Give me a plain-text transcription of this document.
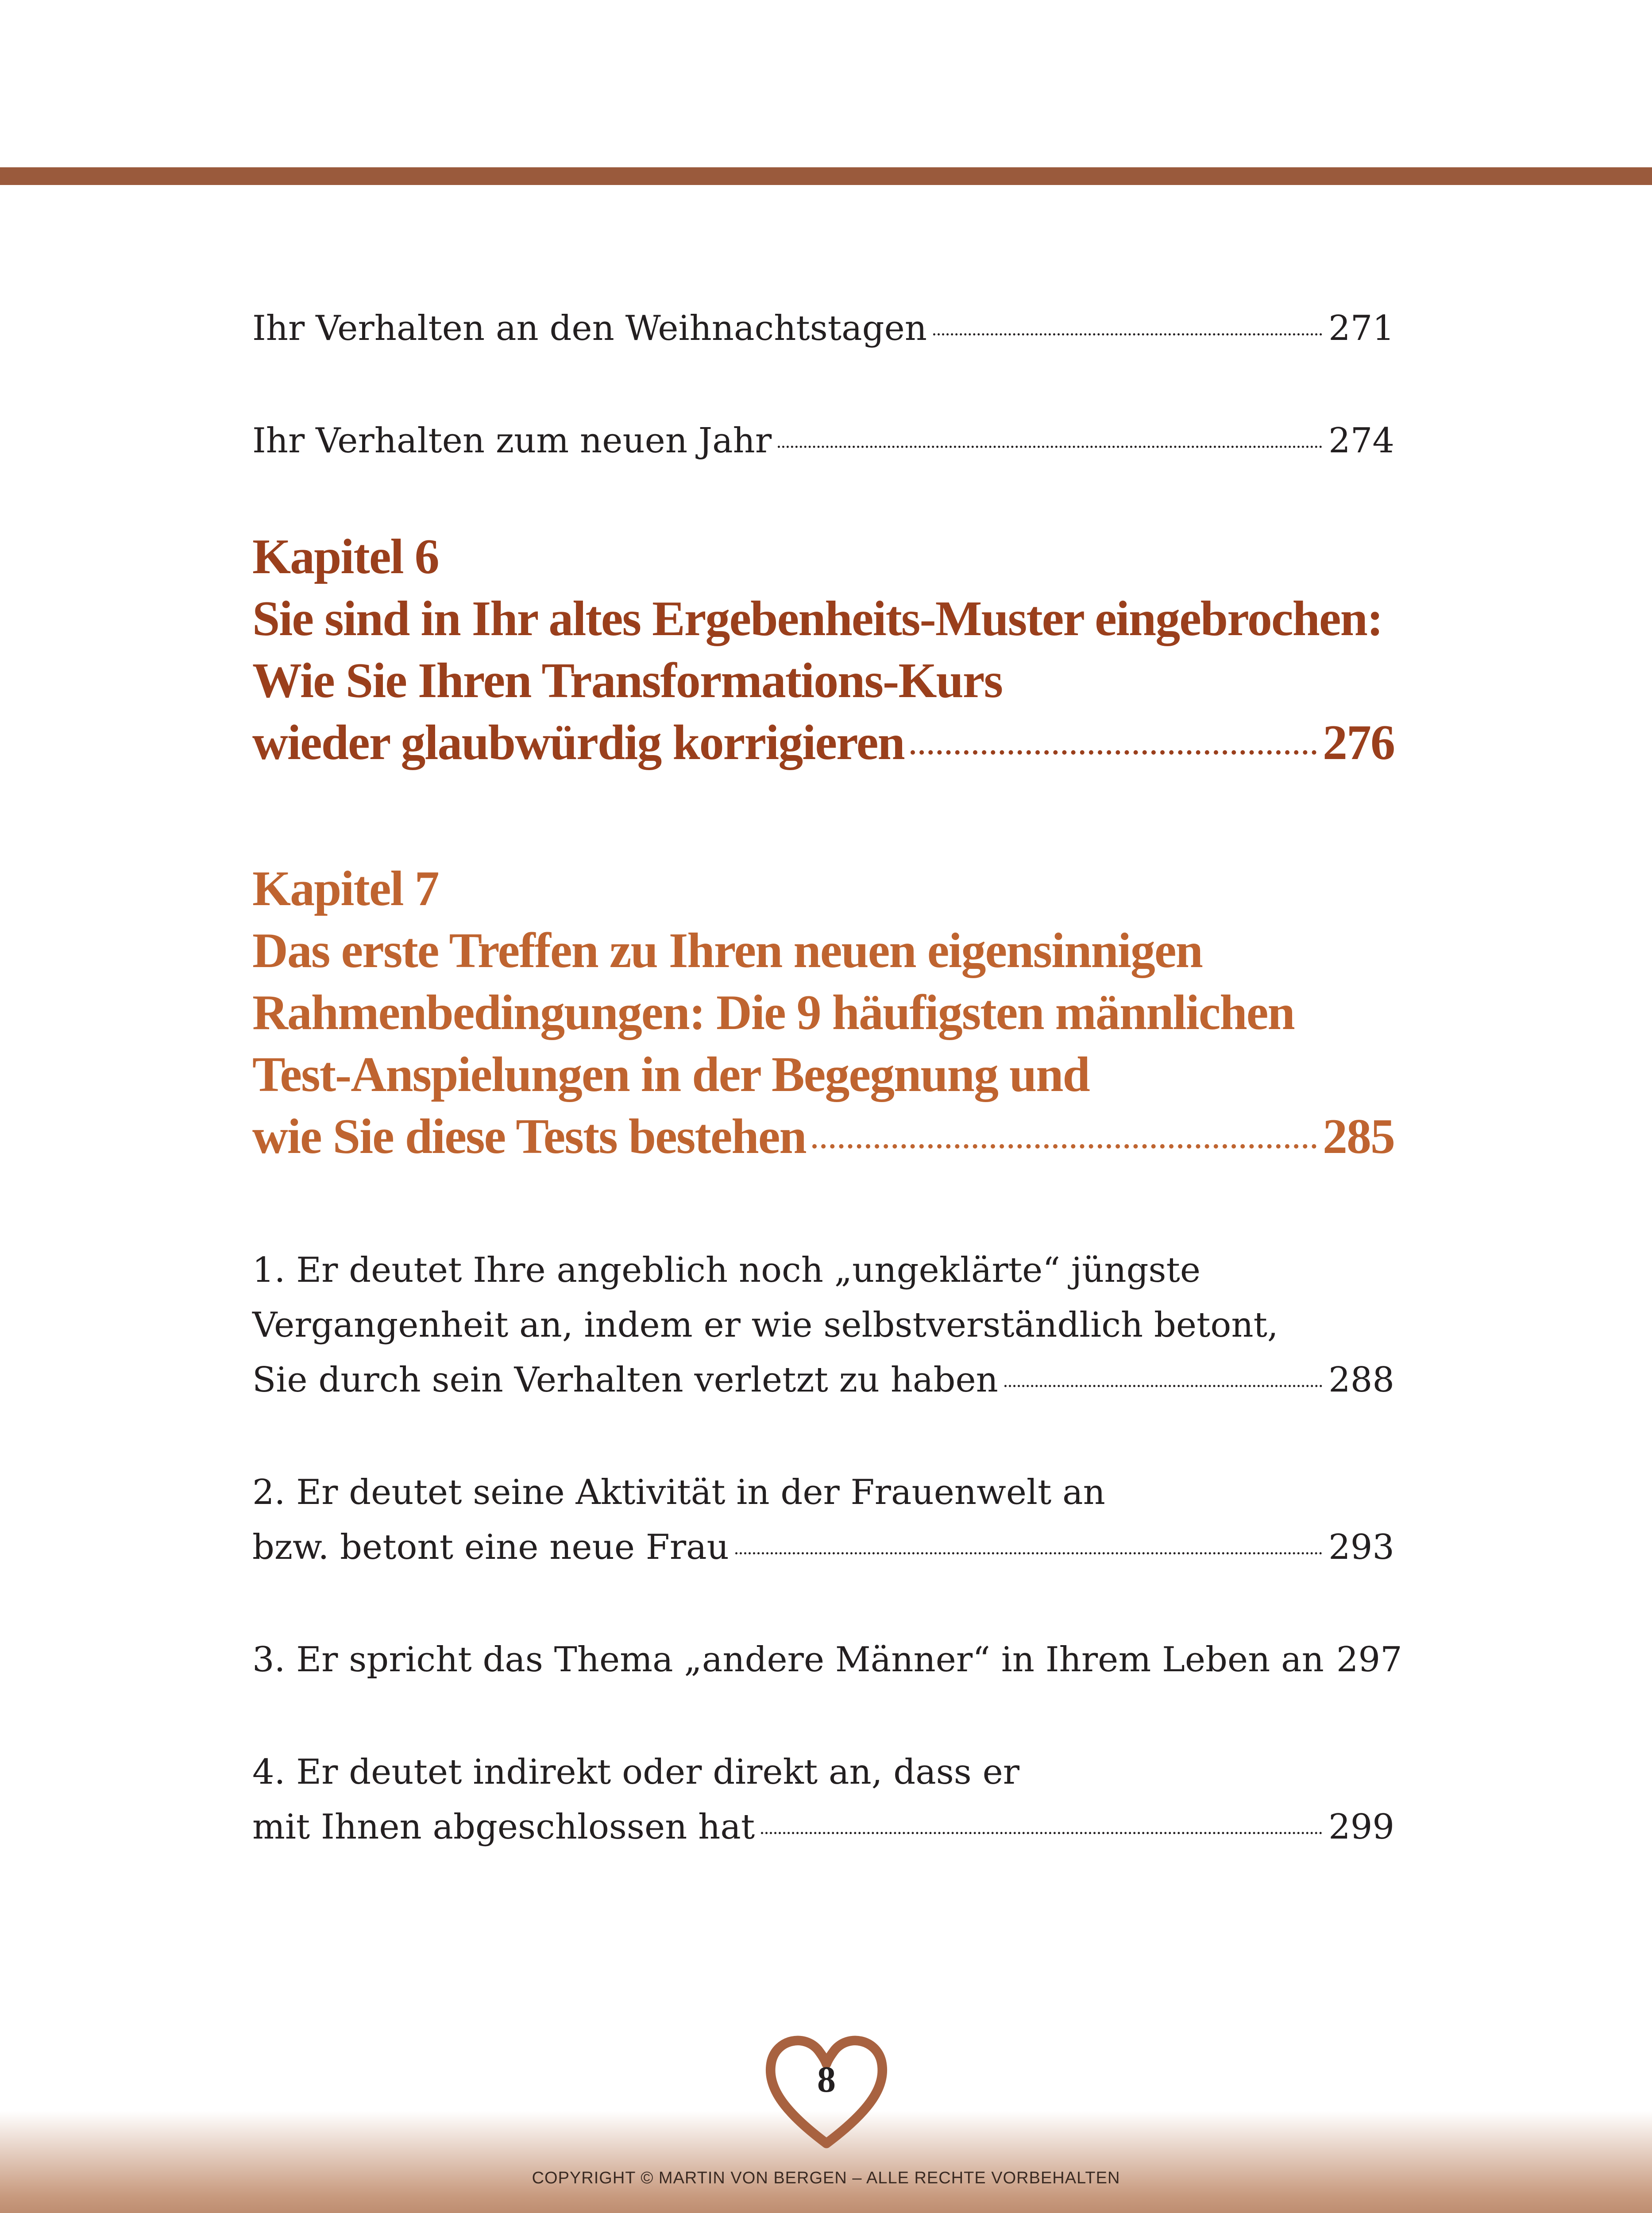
Ihr Verhalten an den Weihnachtstagen	271
Ihr Verhalten zum neuen Jahr	274
Kapitel 6
Sie sind in Ihr altes Ergebenheits-Muster eingebrochen:
Wie Sie Ihren Transformations-Kurs
wieder glaubwürdig korrigieren	276
Kapitel 7
Das erste Treffen zu Ihren neuen eigensinnigen
Rahmenbedingungen: Die 9 häufigsten männlichen
Test-Anspielungen in der Begegnung und
wie Sie diese Tests bestehen	285
1. Er deutet Ihre angeblich noch „ungeklärte“ jüngste
Vergangenheit an, indem er wie selbstverständlich betont,
Sie durch sein Verhalten verletzt zu haben	288
2. Er deutet seine Aktivität in der Frauenwelt an
bzw. betont eine neue Frau	293
3. Er spricht das Thema „andere Männer“ in Ihrem Leben an 297
4. Er deutet indirekt oder direkt an, dass er
mit Ihnen abgeschlossen hat	299
8
COPYRIGHT © MARTIN VON BERGEN – ALLE RECHTE VORBEHALTEN
